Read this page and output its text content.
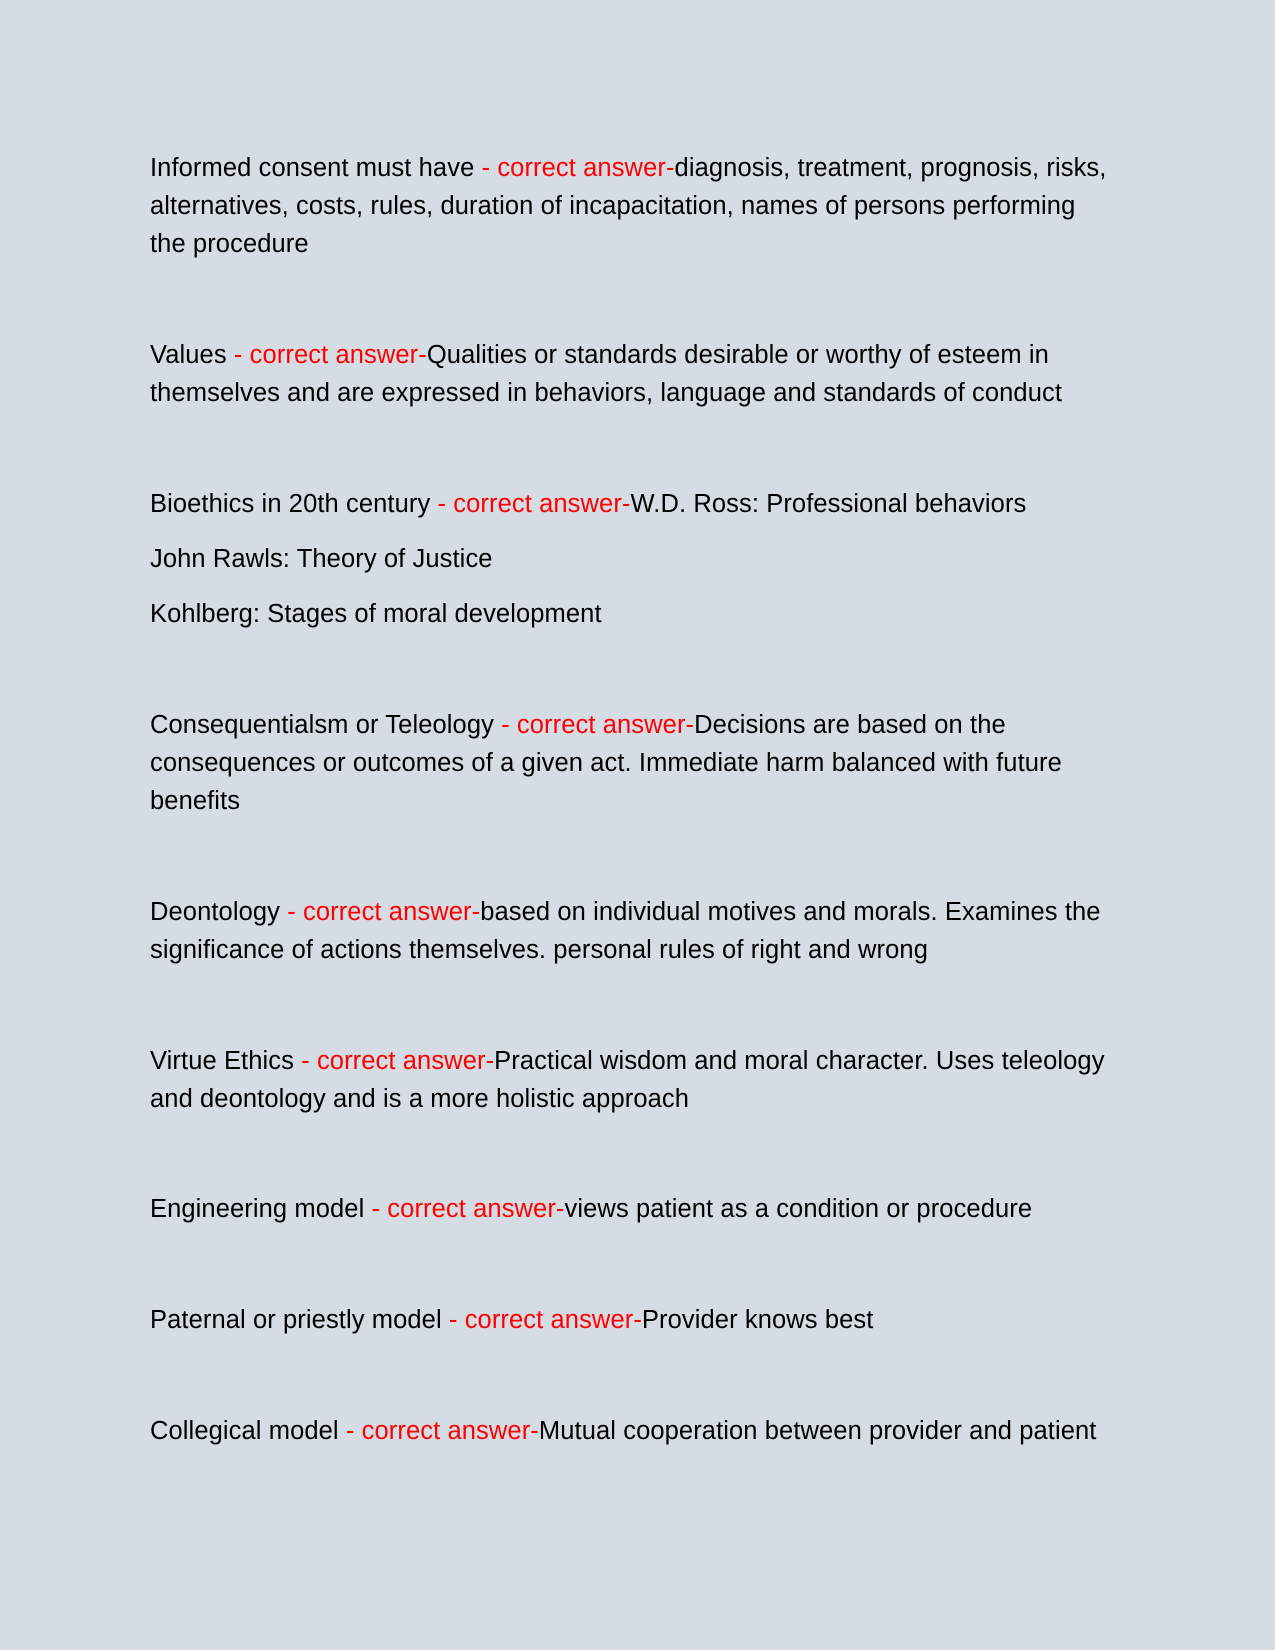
Informed consent must have - correct answer-diagnosis, treatment, prognosis, risks, alternatives, costs, rules, duration of incapacitation, names of persons performing the procedure

Values - correct answer-Qualities or standards desirable or worthy of esteem in themselves and are expressed in behaviors, language and standards of conduct

Bioethics in 20th century - correct answer-W.D. Ross: Professional behaviors

John Rawls: Theory of Justice

Kohlberg: Stages of moral development

Consequentialsm or Teleology - correct answer-Decisions are based on the consequences or outcomes of a given act. Immediate harm balanced with future benefits

Deontology - correct answer-based on individual motives and morals. Examines the significance of actions themselves. personal rules of right and wrong

Virtue Ethics - correct answer-Practical wisdom and moral character. Uses teleology and deontology and is a more holistic approach

Engineering model - correct answer-views patient as a condition or procedure

Paternal or priestly model - correct answer-Provider knows best

Collegical model - correct answer-Mutual cooperation between provider and patient
